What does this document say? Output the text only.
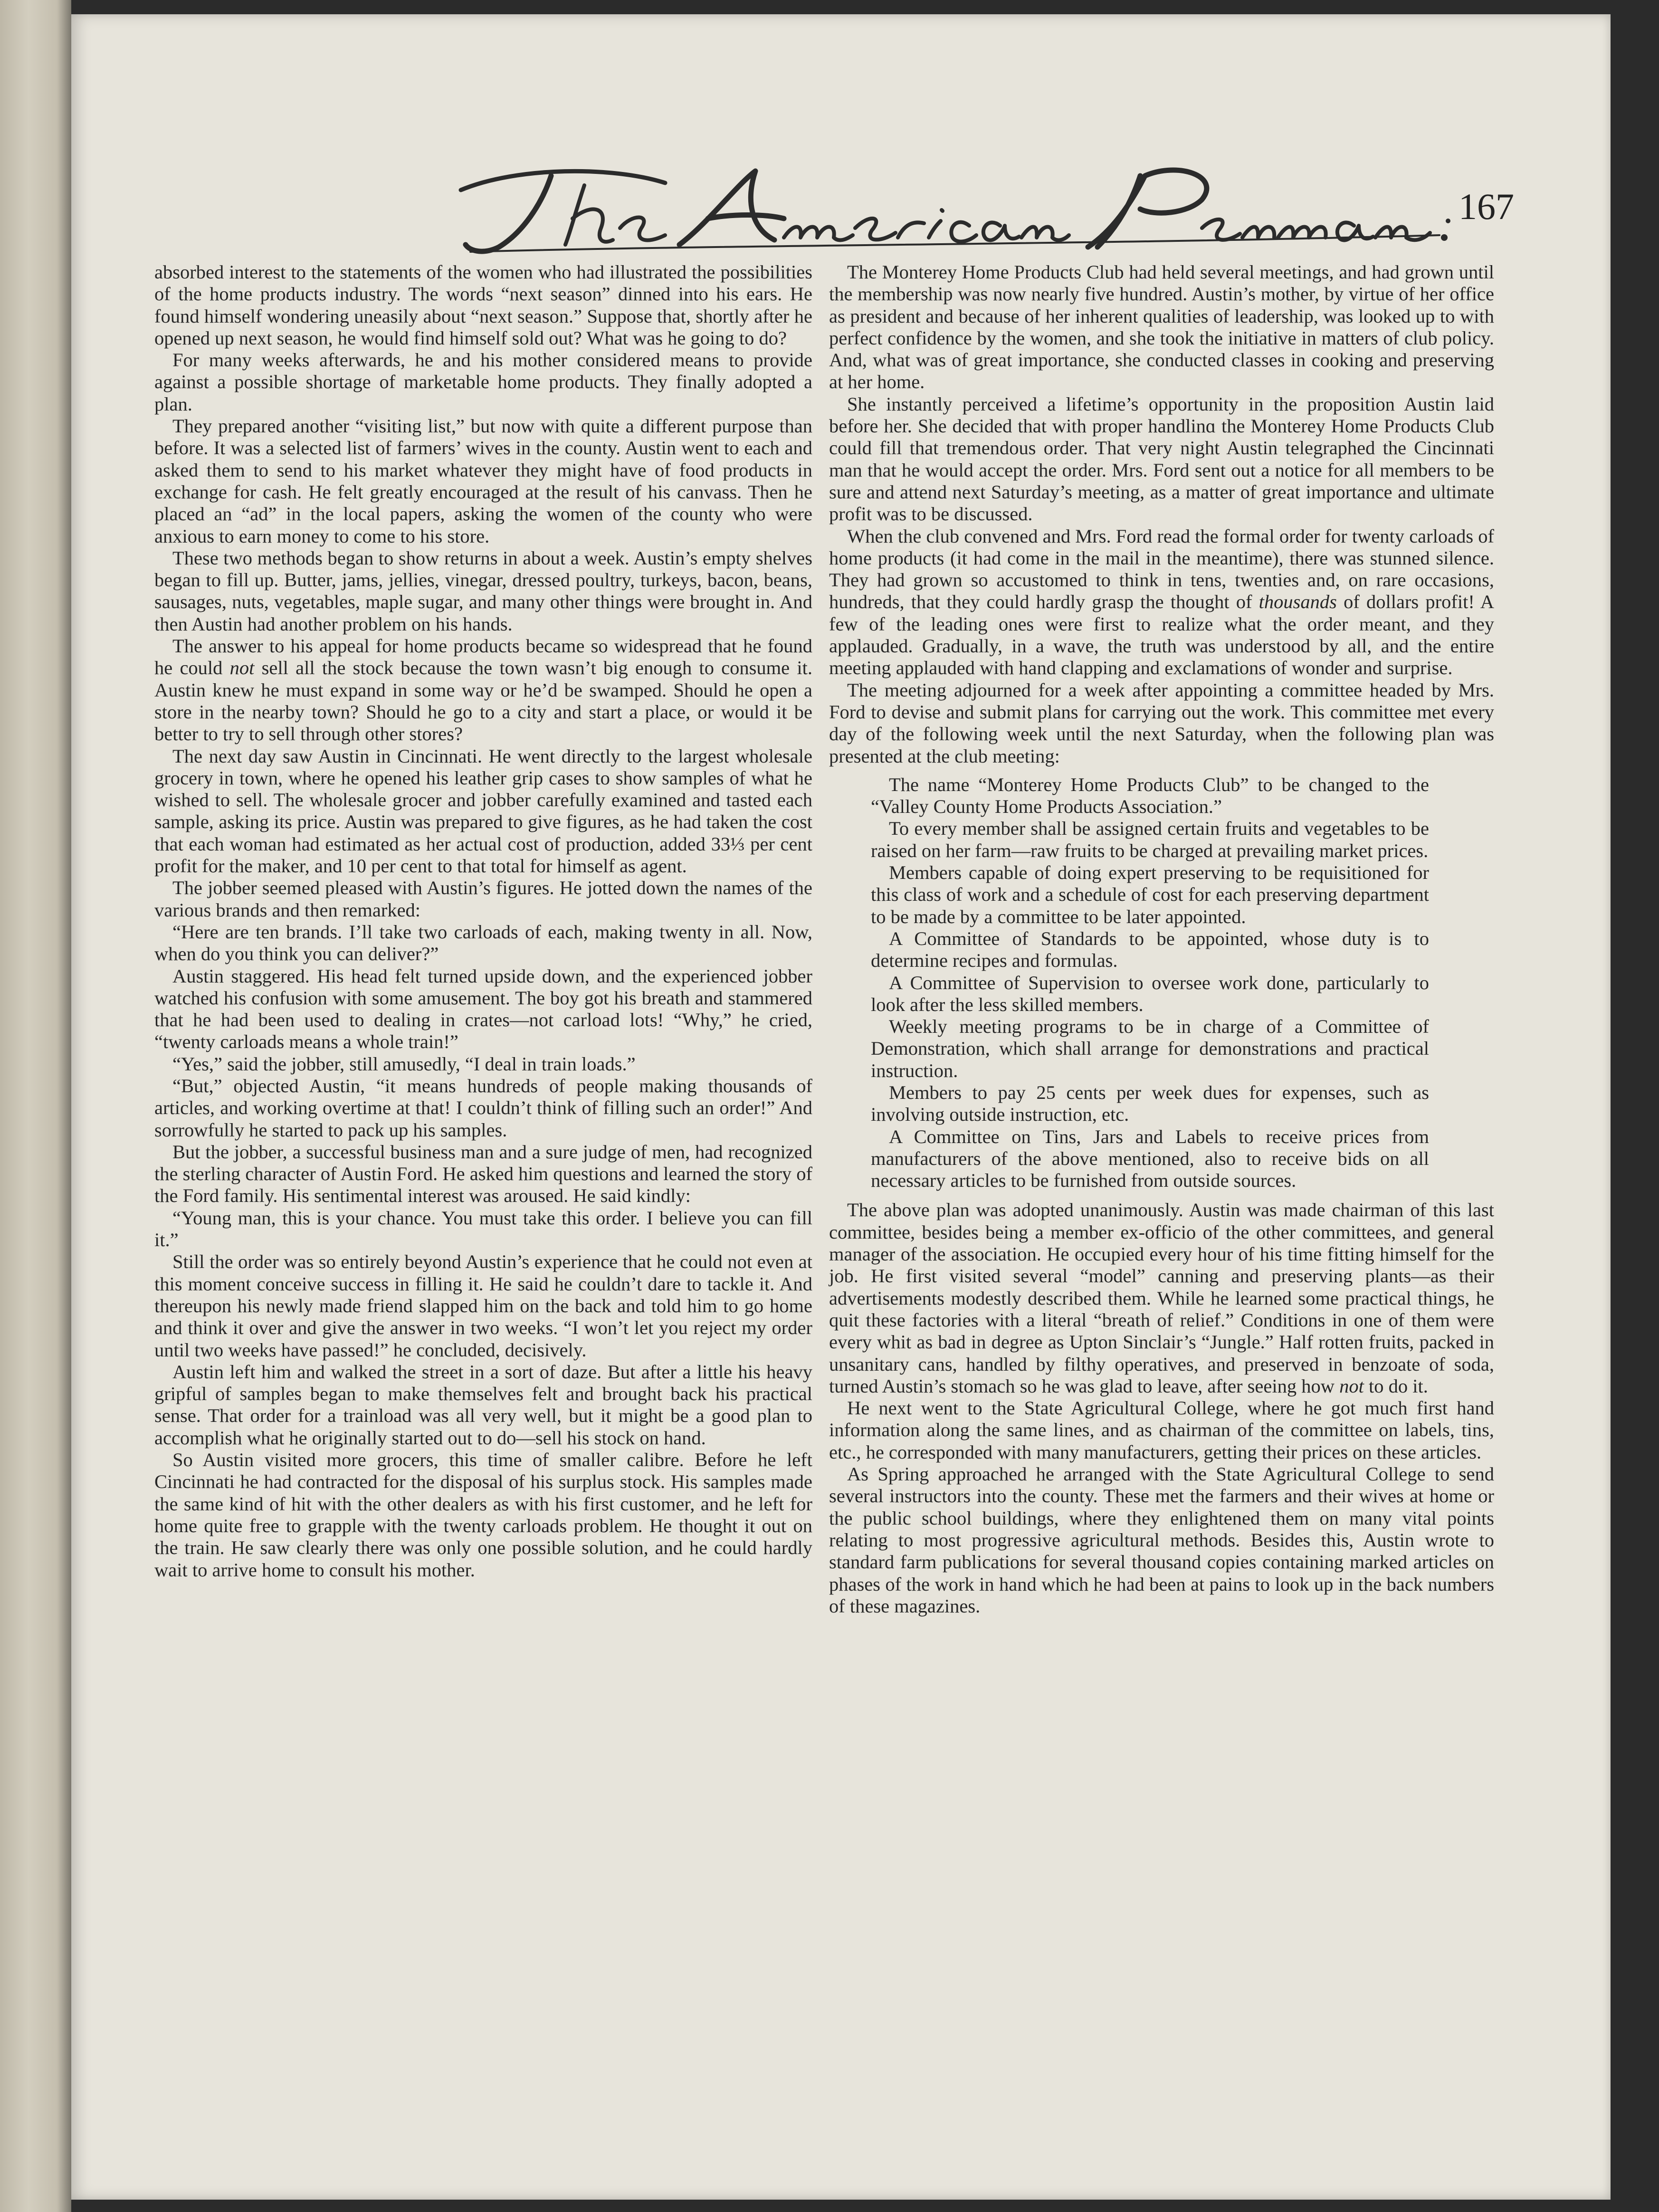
167

absorbed interest to the statements of the women who had illustrated the possibilities of the home products industry. The words “next season” dinned into his ears. He found himself wondering uneasily about “next season.” Suppose that, shortly after he opened up next season, he would find himself sold out? What was he going to do?

For many weeks afterwards, he and his mother considered means to provide against a possible shortage of marketable home products. They finally adopted a plan.

They prepared another “visiting list,” but now with quite a different purpose than before. It was a selected list of farmers’ wives in the county. Austin went to each and asked them to send to his market whatever they might have of food products in exchange for cash. He felt greatly encouraged at the result of his canvass. Then he placed an “ad” in the local papers, asking the women of the county who were anxious to earn money to come to his store.

These two methods began to show returns in about a week. Austin’s empty shelves began to fill up. Butter, jams, jellies, vinegar, dressed poultry, turkeys, bacon, beans, sausages, nuts, vegetables, maple sugar, and many other things were brought in. And then Austin had another problem on his hands.

The answer to his appeal for home products became so widespread that he found he could not sell all the stock because the town wasn’t big enough to consume it. Austin knew he must expand in some way or he’d be swamped. Should he open a store in the nearby town? Should he go to a city and start a place, or would it be better to try to sell through other stores?

The next day saw Austin in Cincinnati. He went directly to the largest wholesale grocery in town, where he opened his leather grip cases to show samples of what he wished to sell. The wholesale grocer and jobber carefully examined and tasted each sample, asking its price. Austin was prepared to give figures, as he had taken the cost that each woman had estimated as her actual cost of production, added 33⅓ per cent profit for the maker, and 10 per cent to that total for himself as agent.

The jobber seemed pleased with Austin’s figures. He jotted down the names of the various brands and then remarked:

“Here are ten brands. I’ll take two carloads of each, making twenty in all. Now, when do you think you can deliver?”

Austin staggered. His head felt turned upside down, and the experienced jobber watched his confusion with some amusement. The boy got his breath and stammered that he had been used to dealing in crates—not carload lots! “Why,” he cried, “twenty carloads means a whole train!”

“Yes,” said the jobber, still amusedly, “I deal in train loads.”

“But,” objected Austin, “it means hundreds of people making thousands of articles, and working overtime at that! I couldn’t think of filling such an order!” And sorrowfully he started to pack up his samples.

But the jobber, a successful business man and a sure judge of men, had recognized the sterling character of Austin Ford. He asked him questions and learned the story of the Ford family. His sentimental interest was aroused. He said kindly:

“Young man, this is your chance. You must take this order. I believe you can fill it.”

Still the order was so entirely beyond Austin’s experience that he could not even at this moment conceive success in filling it. He said he couldn’t dare to tackle it. And thereupon his newly made friend slapped him on the back and told him to go home and think it over and give the answer in two weeks. “I won’t let you reject my order until two weeks have passed!” he concluded, decisively.

Austin left him and walked the street in a sort of daze. But after a little his heavy gripful of samples began to make themselves felt and brought back his practical sense. That order for a trainload was all very well, but it might be a good plan to accomplish what he originally started out to do—sell his stock on hand.

So Austin visited more grocers, this time of smaller calibre. Before he left Cincinnati he had contracted for the disposal of his surplus stock. His samples made the same kind of hit with the other dealers as with his first customer, and he left for home quite free to grapple with the twenty carloads problem. He thought it out on the train. He saw clearly there was only one possible solution, and he could hardly wait to arrive home to consult his mother.

The Monterey Home Products Club had held several meetings, and had grown until the membership was now nearly five hundred. Austin’s mother, by virtue of her office as president and because of her inherent qualities of leadership, was looked up to with perfect confidence by the women, and she took the initiative in matters of club policy. And, what was of great importance, she conducted classes in cooking and preserving at her home.

She instantly perceived a lifetime’s opportunity in the proposition Austin laid before her. She decided that with proper handlinɑ the Monterey Home Products Club could fill that tremendous order. That very night Austin telegraphed the Cincinnati man that he would accept the order. Mrs. Ford sent out a notice for all members to be sure and attend next Saturday’s meeting, as a matter of great importance and ultimate profit was to be discussed.

When the club convened and Mrs. Ford read the formal order for twenty carloads of home products (it had come in the mail in the meantime), there was stunned silence. They had grown so accustomed to think in tens, twenties and, on rare occasions, hundreds, that they could hardly grasp the thought of thousands of dollars profit! A few of the leading ones were first to realize what the order meant, and they applauded. Gradually, in a wave, the truth was understood by all, and the entire meeting applauded with hand clapping and exclamations of wonder and surprise.

The meeting adjourned for a week after appointing a committee headed by Mrs. Ford to devise and submit plans for carrying out the work. This committee met every day of the following week until the next Saturday, when the following plan was presented at the club meeting:

The name “Monterey Home Products Club” to be changed to the “Valley County Home Products Association.”

To every member shall be assigned certain fruits and vegetables to be raised on her farm—raw fruits to be charged at prevailing market prices.

Members capable of doing expert preserving to be requisitioned for this class of work and a schedule of cost for each preserving department to be made by a committee to be later appointed.

A Committee of Standards to be appointed, whose duty is to determine recipes and formulas.

A Committee of Supervision to oversee work done, particularly to look after the less skilled members.

Weekly meeting programs to be in charge of a Committee of Demonstration, which shall arrange for demonstrations and practical instruction.

Members to pay 25 cents per week dues for expenses, such as involving outside instruction, etc.

A Committee on Tins, Jars and Labels to receive prices from manufacturers of the above mentioned, also to receive bids on all necessary articles to be furnished from outside sources.

The above plan was adopted unanimously. Austin was made chairman of this last committee, besides being a member ex-officio of the other committees, and general manager of the association. He occupied every hour of his time fitting himself for the job. He first visited several “model” canning and preserving plants—as their advertisements modestly described them. While he learned some practical things, he quit these factories with a literal “breath of relief.” Conditions in one of them were every whit as bad in degree as Upton Sinclair’s “Jungle.” Half rotten fruits, packed in unsanitary cans, handled by filthy operatives, and preserved in benzoate of soda, turned Austin’s stomach so he was glad to leave, after seeing how not to do it.

He next went to the State Agricultural College, where he got much first hand information along the same lines, and as chairman of the committee on labels, tins, etc., he corresponded with many manufacturers, getting their prices on these articles.

As Spring approached he arranged with the State Agricultural College to send several instructors into the county. These met the farmers and their wives at home or the public school buildings, where they enlightened them on many vital points relating to most progressive agricultural methods. Besides this, Austin wrote to standard farm publications for several thousand copies containing marked articles on phases of the work in hand which he had been at pains to look up in the back numbers of these magazines.
